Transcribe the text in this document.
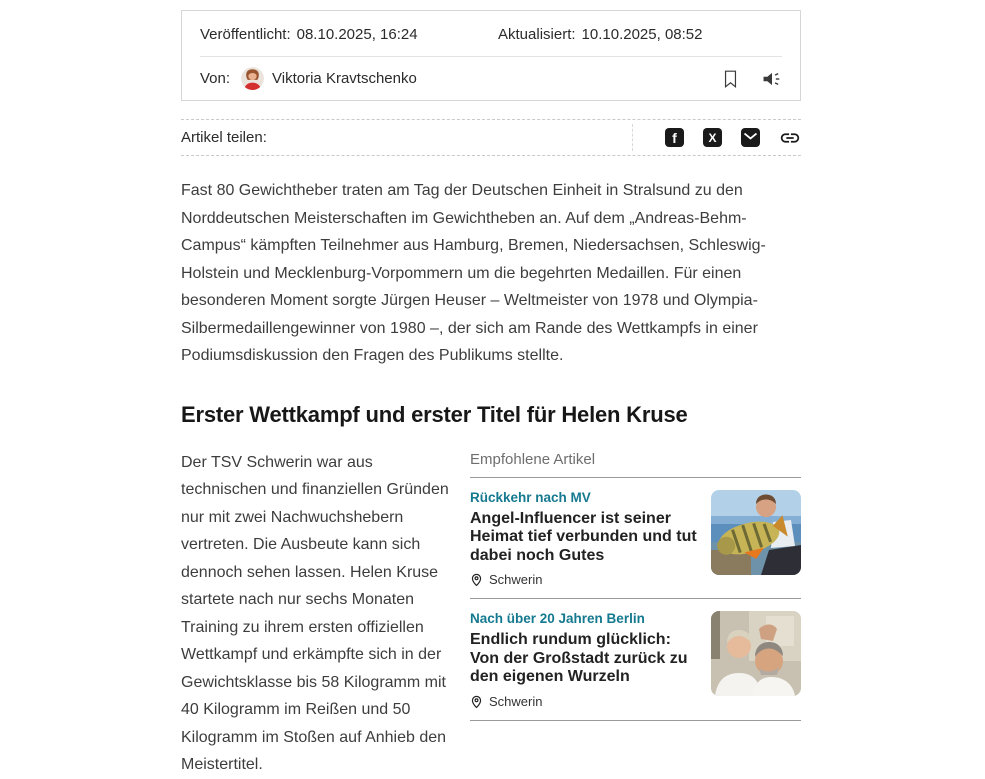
Veröffentlicht: 08.10.2025, 16:24	Aktualisiert: 10.10.2025, 08:52
Von:	Viktoria Kravtschenko
Artikel teilen:	f	X

Fast 80 Gewichtheber traten am Tag der Deutschen Einheit in Stralsund zu den Norddeutschen Meisterschaften im Gewichtheben an. Auf dem „Andreas-Behm-Campus“ kämpften Teilnehmer aus Hamburg, Bremen, Niedersachsen, Schleswig-Holstein und Mecklenburg-Vorpommern um die begehrten Medaillen. Für einen besonderen Moment sorgte Jürgen Heuser – Weltmeister von 1978 und Olympia-Silbermedaillengewinner von 1980 –, der sich am Rande des Wettkampfs in einer Podiumsdiskussion den Fragen des Publikums stellte.

Erster Wettkampf und erster Titel für Helen Kruse
Empfohlene Artikel
Rückkehr nach MV
Angel-Influencer ist seiner Heimat tief verbunden und tut dabei noch Gutes
Schwerin
Nach über 20 Jahren Berlin
Endlich rundum glücklich: Von der Großstadt zurück zu den eigenen Wurzeln
Schwerin

Der TSV Schwerin war aus technischen und finanziellen Gründen nur mit zwei Nachwuchshebern vertreten. Die Ausbeute kann sich dennoch sehen lassen. Helen Kruse startete nach nur sechs Monaten Training zu ihrem ersten offiziellen Wettkampf und erkämpfte sich in der Gewichtsklasse bis 58 Kilogramm mit 40 Kilogramm im Reißen und 50 Kilogramm im Stoßen auf Anhieb den Meistertitel.
